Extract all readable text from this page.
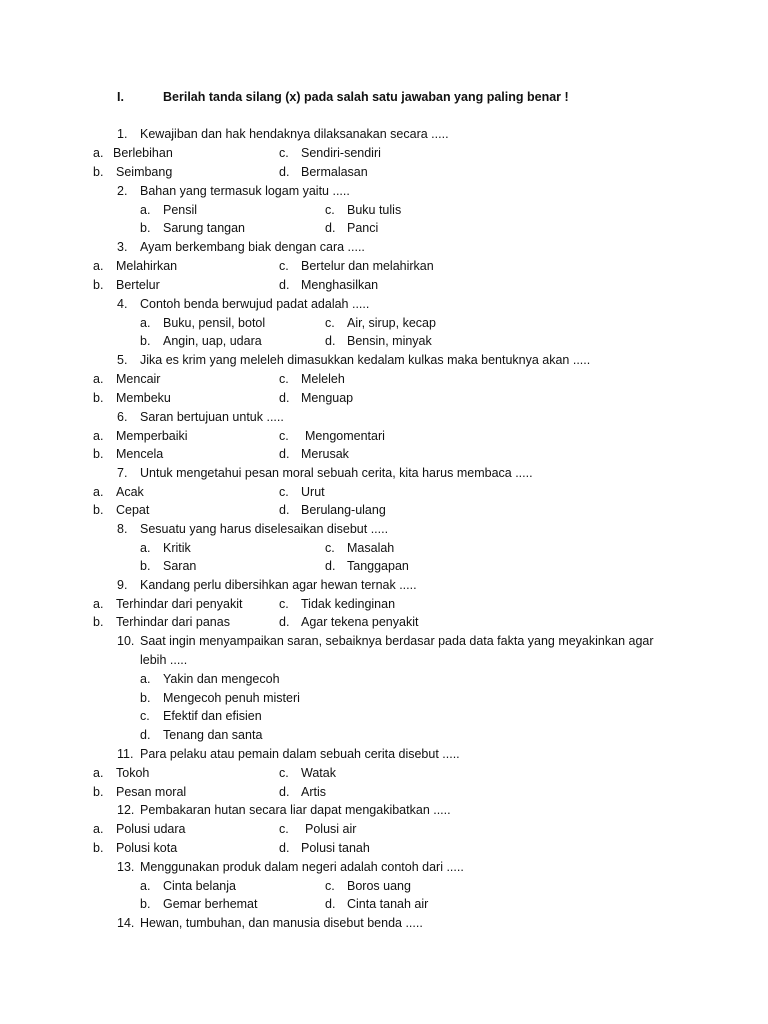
I.	Berilah tanda silang (x) pada salah satu jawaban yang paling benar !
1. Kewajiban dan hak hendaknya dilaksanakan secara .....
a. Berlebihan	c. Sendiri-sendiri
b. Seimbang	d. Bermalasan
2. Bahan yang termasuk logam yaitu .....
a. Pensil	c. Buku tulis
b. Sarung tangan	d. Panci
3. Ayam berkembang biak dengan cara .....
a. Melahirkan	c. Bertelur dan melahirkan
b. Bertelur	d. Menghasilkan
4. Contoh benda berwujud padat adalah .....
a. Buku, pensil, botol	c. Air, sirup, kecap
b. Angin, uap, udara	d. Bensin, minyak
5. Jika es krim yang meleleh dimasukkan kedalam kulkas maka bentuknya akan .....
a. Mencair	c. Meleleh
b. Membeku	d. Menguap
6. Saran bertujuan untuk .....
a. Memperbaiki	c. Mengomentari
b. Mencela	d. Merusak
7. Untuk mengetahui pesan moral sebuah cerita, kita harus membaca .....
a. Acak	c. Urut
b. Cepat	d. Berulang-ulang
8. Sesuatu yang harus diselesaikan disebut .....
a. Kritik	c. Masalah
b. Saran	d. Tanggapan
9. Kandang perlu dibersihkan agar hewan ternak .....
a. Terhindar dari penyakit	c. Tidak kedinginan
b. Terhindar dari panas	d. Agar tekena penyakit
10. Saat ingin menyampaikan saran, sebaiknya berdasar pada data fakta yang meyakinkan agar
lebih .....
a. Yakin dan mengecoh
b. Mengecoh penuh misteri
c. Efektif dan efisien
d. Tenang dan santa
11. Para pelaku atau pemain dalam sebuah cerita disebut .....
a. Tokoh	c. Watak
b. Pesan moral	d. Artis
12. Pembakaran hutan secara liar dapat mengakibatkan .....
a. Polusi udara	c. Polusi air
b. Polusi kota	d. Polusi tanah
13. Menggunakan produk dalam negeri adalah contoh dari .....
a. Cinta belanja	c. Boros uang
b. Gemar berhemat	d. Cinta tanah air
14. Hewan, tumbuhan, dan manusia disebut benda .....
